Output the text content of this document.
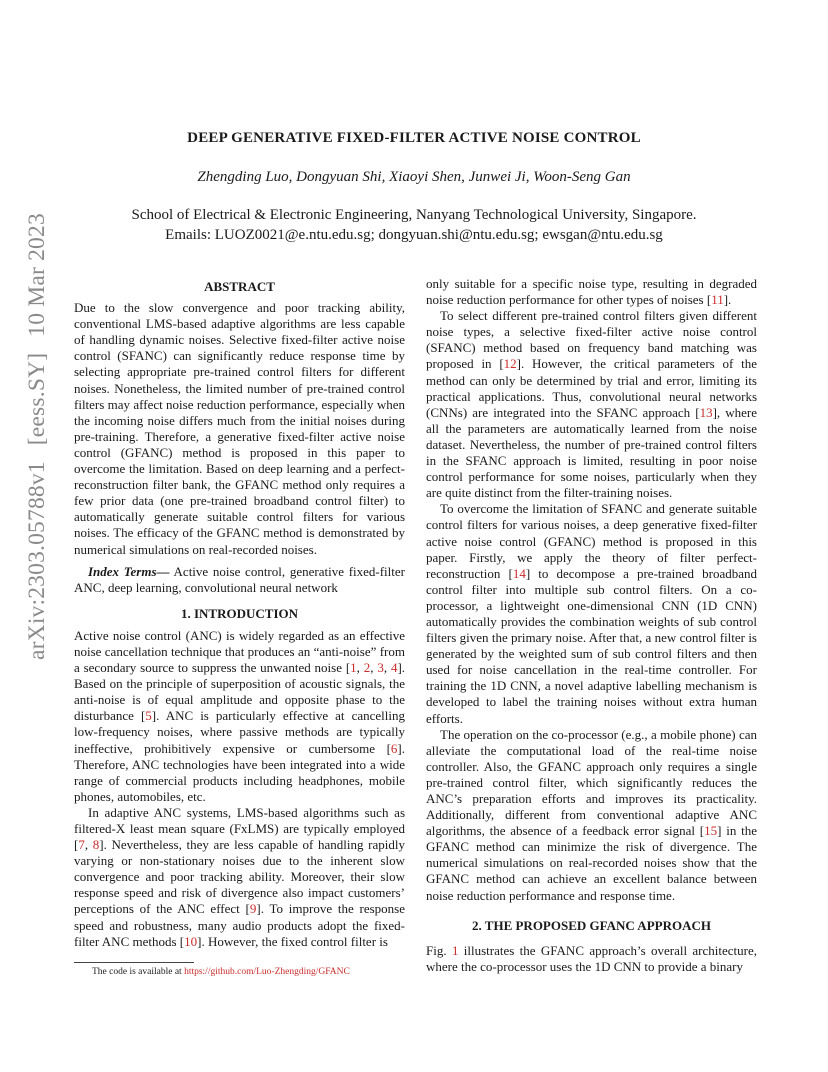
arXiv:2303.05788v1
[eess.SY]
10 Mar 2023
DEEP GENERATIVE FIXED-FILTER ACTIVE NOISE CONTROL
Zhengding Luo, Dongyuan Shi, Xiaoyi Shen, Junwei Ji, Woon-Seng Gan
School of Electrical & Electronic Engineering, Nanyang Technological University, Singapore.
Emails: LUOZ0021@e.ntu.edu.sg; dongyuan.shi@ntu.edu.sg; ewsgan@ntu.edu.sg
ABSTRACT

Due to the slow convergence and poor tracking ability, conventional LMS-based adaptive algorithms are less capable of handling dynamic noises. Selective fixed-filter active noise control (SFANC) can significantly reduce response time by selecting appropriate pre-trained control filters for different noises. Nonetheless, the limited number of pre-trained control filters may affect noise reduction performance, especially when the incoming noise differs much from the initial noises during pre-training. Therefore, a generative fixed-filter active noise control (GFANC) method is proposed in this paper to overcome the limitation. Based on deep learning and a perfect-reconstruction filter bank, the GFANC method only requires a few prior data (one pre-trained broadband control filter) to automatically generate suitable control filters for various noises. The efficacy of the GFANC method is demonstrated by numerical simulations on real-recorded noises.

Index Terms— Active noise control, generative fixed-filter ANC, deep learning, convolutional neural network

1. INTRODUCTION

Active noise control (ANC) is widely regarded as an effective noise cancellation technique that produces an “anti-noise” from a secondary source to suppress the unwanted noise [1, 2, 3, 4]. Based on the principle of superposition of acoustic signals, the anti-noise is of equal amplitude and opposite phase to the disturbance [5]. ANC is particularly effective at cancelling low-frequency noises, where passive methods are typically ineffective, prohibitively expensive or cumbersome [6]. Therefore, ANC technologies have been integrated into a wide range of commercial products including headphones, mobile phones, automobiles, etc.

In adaptive ANC systems, LMS-based algorithms such as filtered-X least mean square (FxLMS) are typically employed [7, 8]. Nevertheless, they are less capable of handling rapidly varying or non-stationary noises due to the inherent slow convergence and poor tracking ability. Moreover, their slow response speed and risk of divergence also impact customers’ perceptions of the ANC effect [9]. To improve the response speed and robustness, many audio products adopt the fixed-filter ANC methods [10]. However, the fixed control filter is

only suitable for a specific noise type, resulting in degraded noise reduction performance for other types of noises [11].

To select different pre-trained control filters given different noise types, a selective fixed-filter active noise control (SFANC) method based on frequency band matching was proposed in [12]. However, the critical parameters of the method can only be determined by trial and error, limiting its practical applications. Thus, convolutional neural networks (CNNs) are integrated into the SFANC approach [13], where all the parameters are automatically learned from the noise dataset. Nevertheless, the number of pre-trained control filters in the SFANC approach is limited, resulting in poor noise control performance for some noises, particularly when they are quite distinct from the filter-training noises.

To overcome the limitation of SFANC and generate suitable control filters for various noises, a deep generative fixed-filter active noise control (GFANC) method is proposed in this paper. Firstly, we apply the theory of filter perfect-reconstruction [14] to decompose a pre-trained broadband control filter into multiple sub control filters. On a co-processor, a lightweight one-dimensional CNN (1D CNN) automatically provides the combination weights of sub control filters given the primary noise. After that, a new control filter is generated by the weighted sum of sub control filters and then used for noise cancellation in the real-time controller. For training the 1D CNN, a novel adaptive labelling mechanism is developed to label the training noises without extra human efforts.

The operation on the co-processor (e.g., a mobile phone) can alleviate the computational load of the real-time noise controller. Also, the GFANC approach only requires a single pre-trained control filter, which significantly reduces the ANC’s preparation efforts and improves its practicality. Additionally, different from conventional adaptive ANC algorithms, the absence of a feedback error signal [15] in the GFANC method can minimize the risk of divergence. The numerical simulations on real-recorded noises show that the GFANC method can achieve an excellent balance between noise reduction performance and response time.

2. THE PROPOSED GFANC APPROACH

Fig. 1 illustrates the GFANC approach’s overall architecture, where the co-processor uses the 1D CNN to provide a binary

The code is available at https://github.com/Luo-Zhengding/GFANC
